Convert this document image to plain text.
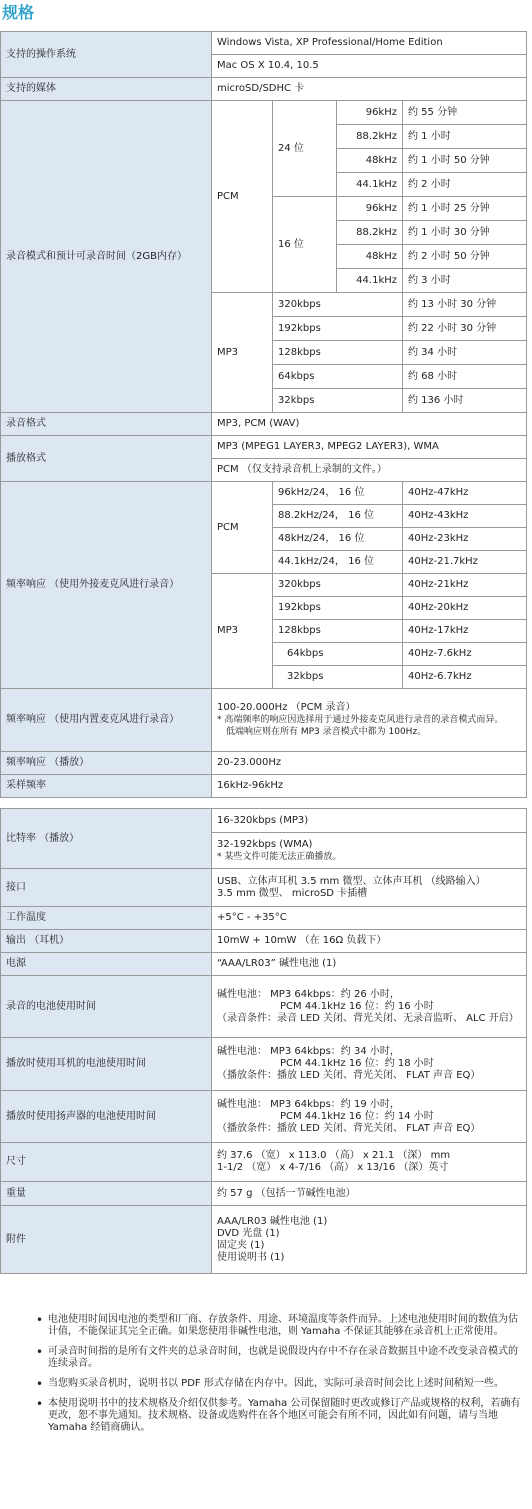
规格
支持的操作系统	Windows Vista, XP Professional/Home Edition			
	Mac OS X 10.4, 10.5			
支持的媒体	microSD/SDHC 卡			
录音模式和预计可录音时间（2GB内存）	PCM	24 位	96kHz	约 55 分钟
			88.2kHz	约 1 小时
			48kHz	约 1 小时 50 分钟
			44.1kHz	约 2 小时
		16 位	96kHz	约 1 小时 25 分钟
			88.2kHz	约 1 小时 30 分钟
			48kHz	约 2 小时 50 分钟
			44.1kHz	约 3 小时
	MP3	320kbps		约 13 小时 30 分钟
		192kbps		约 22 小时 30 分钟
		128kbps		约 34 小时
		64kbps		约 68 小时
		32kbps		约 136 小时
录音格式	MP3, PCM (WAV)			
播放格式	MP3 (MPEG1 LAYER3, MPEG2 LAYER3), WMA			
	PCM （仅支持录音机上录制的文件。）			
频率响应 （使用外接麦克风进行录音）	PCM	96kHz/24， 16 位		40Hz-47kHz
		88.2kHz/24， 16 位		40Hz-43kHz
		48kHz/24， 16 位		40Hz-23kHz
		44.1kHz/24， 16 位		40Hz-21.7kHz
	MP3	320kbps		40Hz-21kHz
		192kbps		40Hz-20kHz
		128kbps		40Hz-17kHz
		64kbps		40Hz-7.6kHz
		32kbps		40Hz-6.7kHz
频率响应 （使用内置麦克风进行录音）	100-20.000Hz （PCM 录音）
* 高端频率的响应因选择用于通过外接麦克风进行录音的录音模式而异。
低端响应则在所有 MP3 录音模式中都为 100Hz。			

频率响应 （播放）	20-23.000Hz			
采样频率	16kHz-96kHz			
比特率 （播放）	16-320kbps (MP3)

	32-192kbps (WMA)
* 某些文件可能无法正确播放。

接口	USB、立体声耳机 3.5 mm 微型、立体声耳机 （线路输入）
3.5 mm 微型、 microSD 卡插槽

工作温度	+5°C - +35°C
输出 （耳机）	10mW + 10mW （在 16Ω 负载下）
电源	“AAA/LR03” 碱性电池 (1)
录音的电池使用时间	碱性电池： MP3 64kbps：约 26 小时，
PCM 44.1kHz 16 位：约 16 小时
（录音条件：录音 LED 关闭、背光关闭、无录音监听、 ALC 开启）

播放时使用耳机的电池使用时间	碱性电池： MP3 64kbps：约 34 小时，
PCM 44.1kHz 16 位：约 18 小时
（播放条件：播放 LED 关闭、背光关闭、 FLAT 声音 EQ）

播放时使用扬声器的电池使用时间	碱性电池： MP3 64kbps：约 19 小时，
PCM 44.1kHz 16 位：约 14 小时
（播放条件：播放 LED 关闭、背光关闭、 FLAT 声音 EQ）

尺寸	约 37.6 （宽） x 113.0 （高） x 21.1 （深） mm
1-1/2 （宽） x 4-7/16 （高） x 13/16 （深）英寸

重量	约 57 g （包括一节碱性电池）
附件	AAA/LR03 碱性电池 (1)
DVD 光盘 (1)
固定夹 (1)
使用说明书 (1)
• 电池使用时间因电池的类型和厂商、存放条件、用途、环境温度等条件而异。上述电池使用时间的数值为估计值，不能保证其完全正确。如果您使用非碱性电池，则 Yamaha 不保证其能够在录音机上正常使用。
• 可录音时间指的是所有文件夹的总录音时间，也就是说假设内存中不存在录音数据且中途不改变录音模式的连续录音。
• 当您购买录音机时，说明书以 PDF 形式存储在内存中。因此，实际可录音时间会比上述时间稍短一些。
• 本使用说明书中的技术规格及介绍仅供参考。Yamaha 公司保留随时更改或修订产品或规格的权利，若确有更改，恕不事先通知。技术规格、设备或选购件在各个地区可能会有所不同，因此如有问题，请与当地 Yamaha 经销商确认。
